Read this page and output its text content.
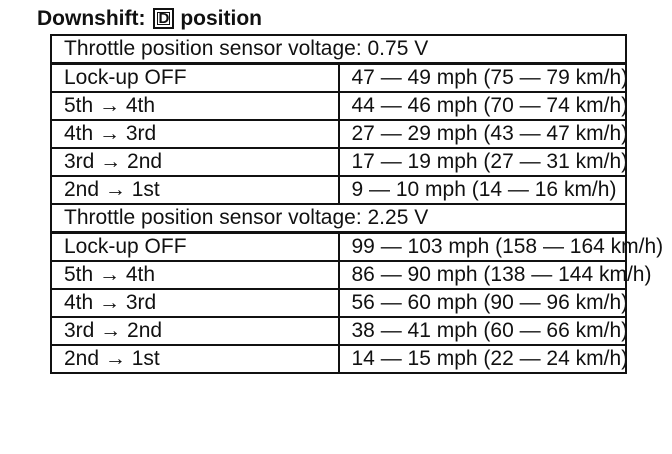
Downshift: D position
Throttle position sensor voltage: 0.75 V	
Lock-up OFF	47 — 49 mph (75 — 79 km/h)
5th → 4th	44 — 46 mph (70 — 74 km/h)
4th → 3rd	27 — 29 mph (43 — 47 km/h)
3rd → 2nd	17 — 19 mph (27 — 31 km/h)
2nd → 1st	9 — 10 mph (14 — 16 km/h)
Throttle position sensor voltage: 2.25 V	
Lock-up OFF	99 — 103 mph (158 — 164 km/h)
5th → 4th	86 — 90 mph (138 — 144 km/h)
4th → 3rd	56 — 60 mph (90 — 96 km/h)
3rd → 2nd	38 — 41 mph (60 — 66 km/h)
2nd → 1st	14 — 15 mph (22 — 24 km/h)
